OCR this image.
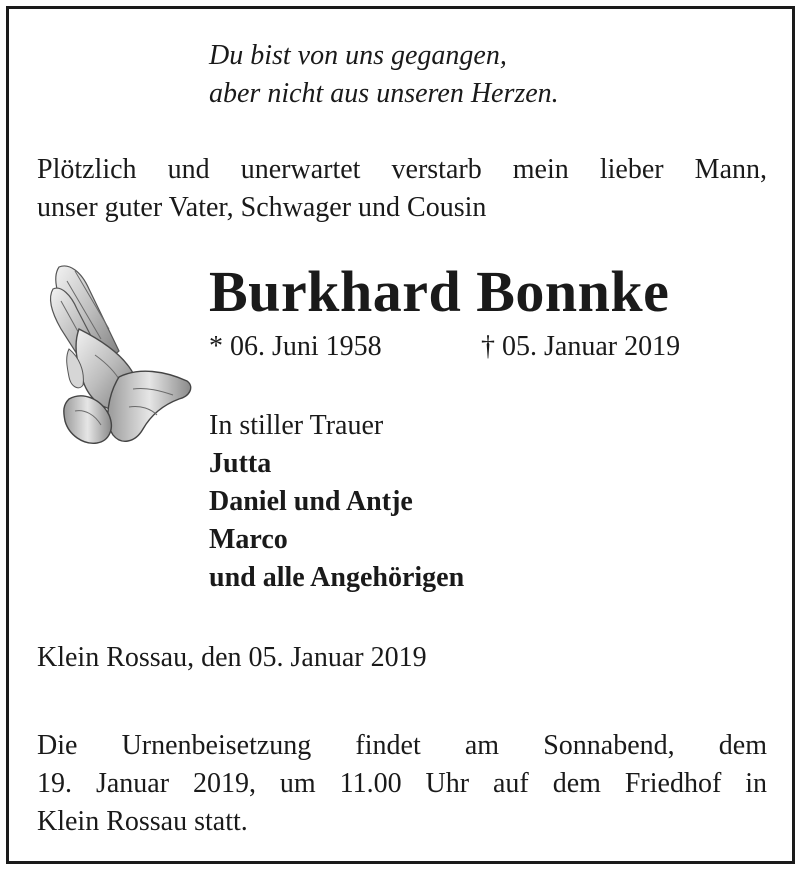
Du bist von uns gegangen,
aber nicht aus unseren Herzen.
Plötzlich und unerwartet verstarb mein lieber Mann,
unser guter Vater, Schwager und Cousin
Burkhard Bonnke
* 06. Juni 1958	† 05. Januar 2019
In stiller Trauer
Jutta
Daniel und Antje
Marco
und alle Angehörigen
Klein Rossau, den 05. Januar 2019
Die Urnenbeisetzung findet am Sonnabend, dem
19. Januar 2019, um 11.00 Uhr auf dem Friedhof in
Klein Rossau statt.
